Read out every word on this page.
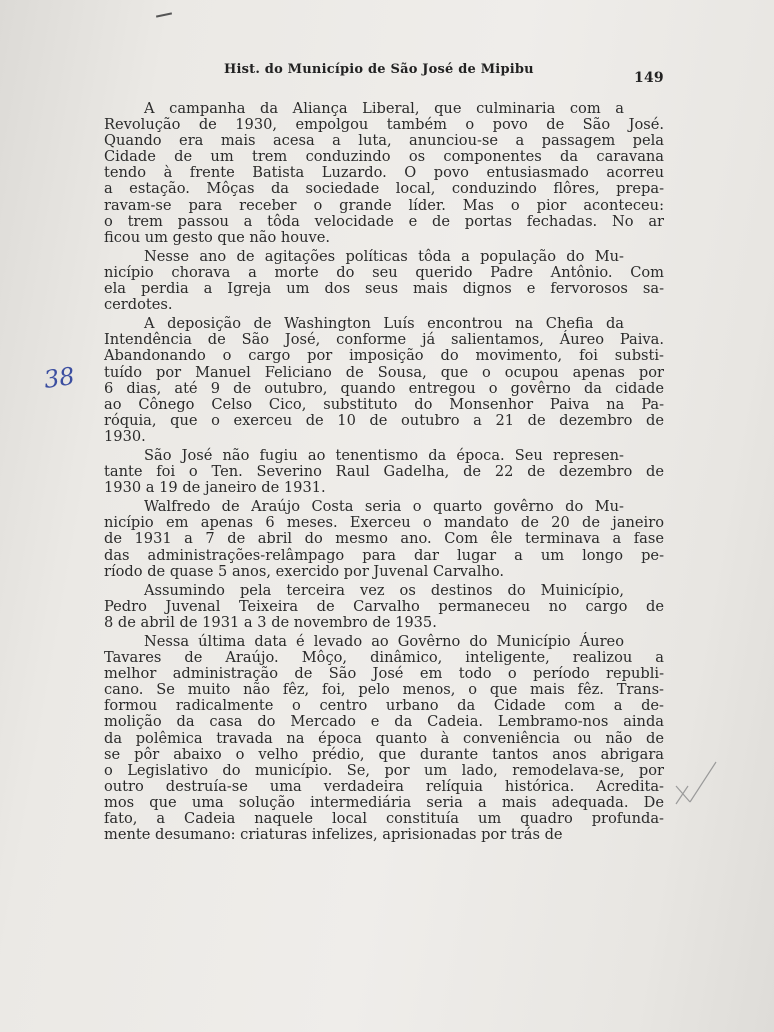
Hist. do Município de São José de Mipibu
149
38
A campanha da Aliança Liberal, que culminaria com a
Revolução de 1930, empolgou também o povo de São José.
Quando era mais acesa a luta, anunciou-se a passagem pela
Cidade de um trem conduzindo os componentes da caravana
tendo à frente Batista Luzardo. O povo entusiasmado acorreu
a estação. Môças da sociedade local, conduzindo flôres, prepa-
ravam-se para receber o grande líder. Mas o pior aconteceu:
o trem passou a tôda velocidade e de portas fechadas. No ar
ficou um gesto que não houve.
Nesse ano de agitações políticas tôda a população do Mu-
nicípio chorava a morte do seu querido Padre Antônio. Com
ela perdia a Igreja um dos seus mais dignos e fervorosos sa-
cerdotes.
A deposição de Washington Luís encontrou na Chefia da
Intendência de São José, conforme já salientamos, Áureo Paiva.
Abandonando o cargo por imposição do movimento, foi substi-
tuído por Manuel Feliciano de Sousa, que o ocupou apenas por
6 dias, até 9 de outubro, quando entregou o govêrno da cidade
ao Cônego Celso Cico, substituto do Monsenhor Paiva na Pa-
róquia, que o exerceu de 10 de outubro a 21 de dezembro de
1930.
São José não fugiu ao tenentismo da época. Seu represen-
tante foi o Ten. Severino Raul Gadelha, de 22 de dezembro de
1930 a 19 de janeiro de 1931.
Walfredo de Araújo Costa seria o quarto govêrno do Mu-
nicípio em apenas 6 meses. Exerceu o mandato de 20 de janeiro
de 1931 a 7 de abril do mesmo ano. Com êle terminava a fase
das administrações-relâmpago para dar lugar a um longo pe-
ríodo de quase 5 anos, exercido por Juvenal Carvalho.
Assumindo pela terceira vez os destinos do Muinicípio,
Pedro Juvenal Teixeira de Carvalho permaneceu no cargo de
8 de abril de 1931 a 3 de novembro de 1935.
Nessa última data é levado ao Govêrno do Município Áureo
Tavares de Araújo. Môço, dinâmico, inteligente, realizou a
melhor administração de São José em todo o período republi-
cano. Se muito não fêz, foi, pelo menos, o que mais fêz. Trans-
formou radicalmente o centro urbano da Cidade com a de-
molição da casa do Mercado e da Cadeia. Lembramo-nos ainda
da polêmica travada na época quanto à conveniência ou não de
se pôr abaixo o velho prédio, que durante tantos anos abrigara
o Legislativo do município. Se, por um lado, remodelava-se, por
outro destruía-se uma verdadeira relíquia histórica. Acredita-
mos que uma solução intermediária seria a mais adequada. De
fato, a Cadeia naquele local constituía um quadro profunda-
mente desumano: criaturas infelizes, aprisionadas por trás de
